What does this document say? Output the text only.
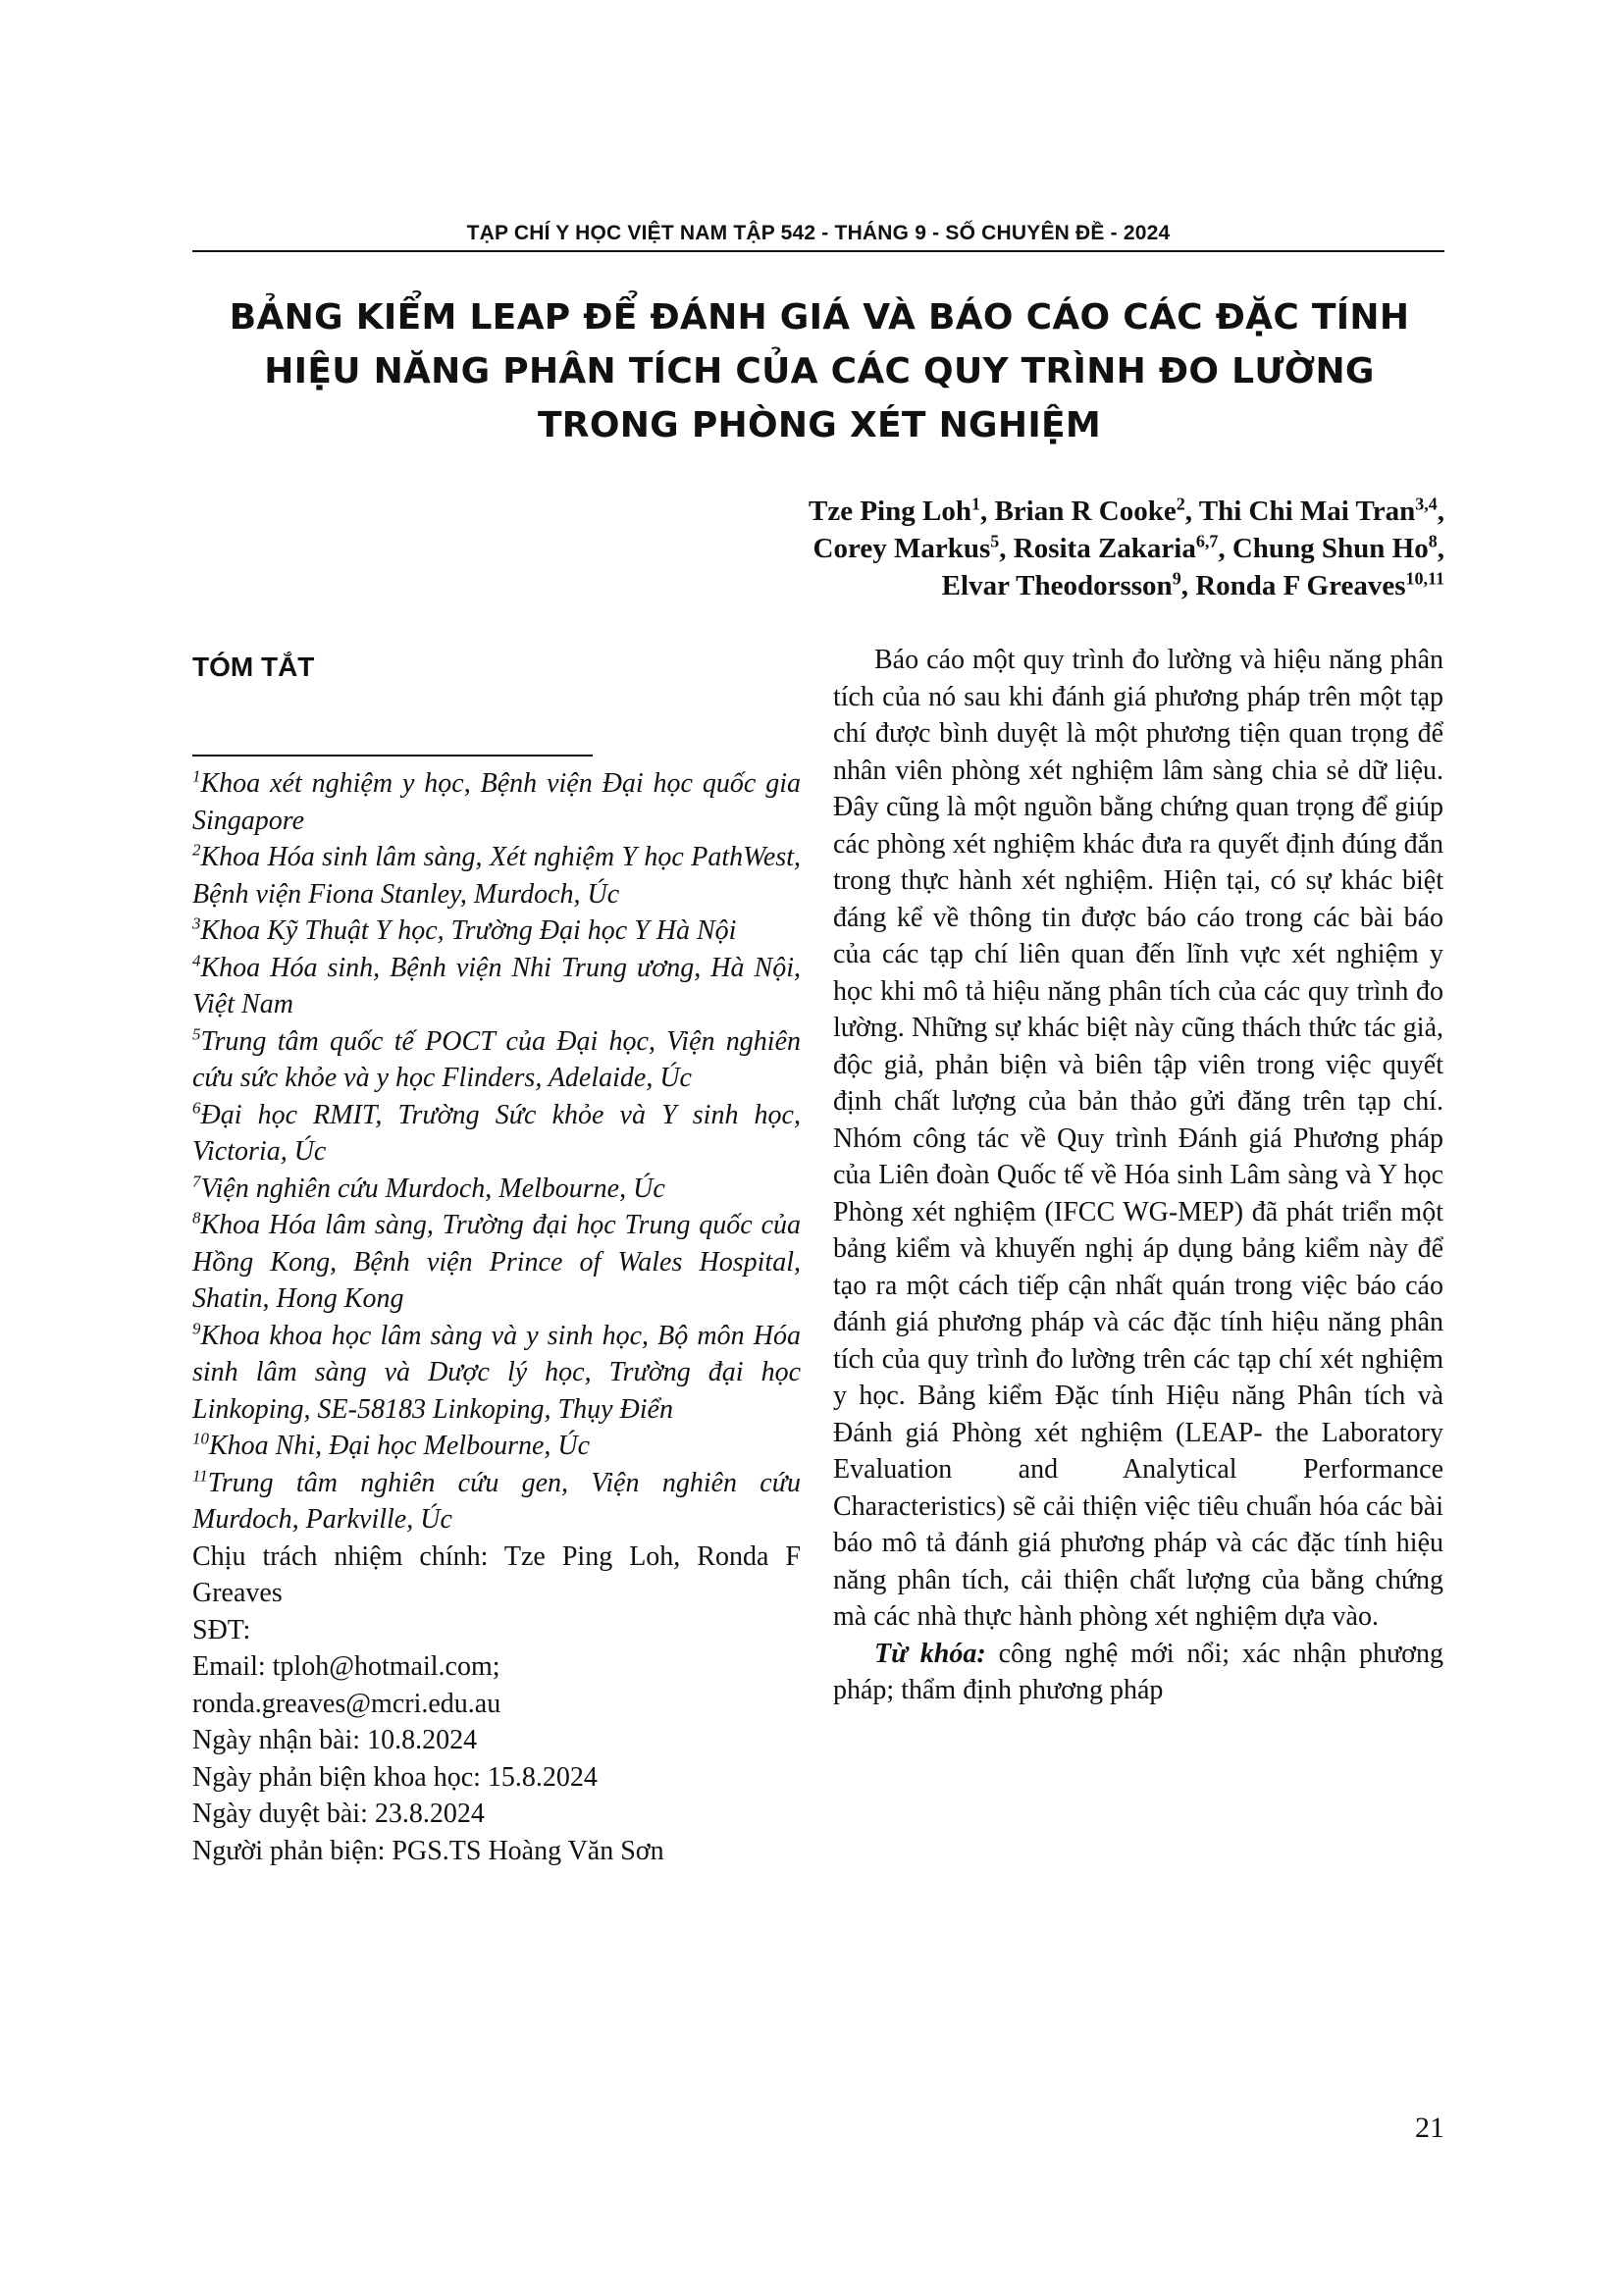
TẠP CHÍ Y HỌC VIỆT NAM TẬP 542 - THÁNG 9 - SỐ CHUYÊN ĐỀ - 2024
BẢNG KIỂM LEAP ĐỂ ĐÁNH GIÁ VÀ BÁO CÁO CÁC ĐẶC TÍNH
HIỆU NĂNG PHÂN TÍCH CỦA CÁC QUY TRÌNH ĐO LƯỜNG
TRONG PHÒNG XÉT NGHIỆM
Tze Ping Loh$^1$, Brian R Cooke$^2$, Thi Chi Mai Tran$^{3,4}$,
Corey Markus$^5$, Rosita Zakaria$^{6,7}$, Chung Shun Ho$^8$,
Elvar Theodorsson$^9$, Ronda F Greaves$^{10,11}$
TÓM TẮT
$^1$Khoa xét nghiệm y học, Bệnh viện Đại học quốc gia Singapore
$^2$Khoa Hóa sinh lâm sàng, Xét nghiệm Y học PathWest, Bệnh viện Fiona Stanley, Murdoch, Úc
$^3$Khoa Kỹ Thuật Y học, Trường Đại học Y Hà Nội
$^4$Khoa Hóa sinh, Bệnh viện Nhi Trung ương, Hà Nội, Việt Nam
$^5$Trung tâm quốc tế POCT của Đại học, Viện nghiên cứu sức khỏe và y học Flinders, Adelaide, Úc
$^6$Đại học RMIT, Trường Sức khỏe và Y sinh học, Victoria, Úc
$^7$Viện nghiên cứu Murdoch, Melbourne, Úc
$^8$Khoa Hóa lâm sàng, Trường đại học Trung quốc của Hồng Kong, Bệnh viện Prince of Wales Hospital, Shatin, Hong Kong
$^9$Khoa khoa học lâm sàng và y sinh học, Bộ môn Hóa sinh lâm sàng và Dược lý học, Trường đại học Linkoping, SE-58183 Linkoping, Thụy Điển
$^{10}$Khoa Nhi, Đại học Melbourne, Úc
$^{11}$Trung tâm nghiên cứu gen, Viện nghiên cứu Murdoch, Parkville, Úc
Chịu trách nhiệm chính: Tze Ping Loh, Ronda F Greaves
SĐT:
Email: tploh@hotmail.com;
ronda.greaves@mcri.edu.au
Ngày nhận bài: 10.8.2024
Ngày phản biện khoa học: 15.8.2024
Ngày duyệt bài: 23.8.2024
Người phản biện: PGS.TS Hoàng Văn Sơn

Báo cáo một quy trình đo lường và hiệu năng phân tích của nó sau khi đánh giá phương pháp trên một tạp chí được bình duyệt là một phương tiện quan trọng để nhân viên phòng xét nghiệm lâm sàng chia sẻ dữ liệu. Đây cũng là một nguồn bằng chứng quan trọng để giúp các phòng xét nghiệm khác đưa ra quyết định đúng đắn trong thực hành xét nghiệm. Hiện tại, có sự khác biệt đáng kể về thông tin được báo cáo trong các bài báo của các tạp chí liên quan đến lĩnh vực xét nghiệm y học khi mô tả hiệu năng phân tích của các quy trình đo lường. Những sự khác biệt này cũng thách thức tác giả, độc giả, phản biện và biên tập viên trong việc quyết định chất lượng của bản thảo gửi đăng trên tạp chí. Nhóm công tác về Quy trình Đánh giá Phương pháp của Liên đoàn Quốc tế về Hóa sinh Lâm sàng và Y học Phòng xét nghiệm (IFCC WG-MEP) đã phát triển một bảng kiểm và khuyến nghị áp dụng bảng kiểm này để tạo ra một cách tiếp cận nhất quán trong việc báo cáo đánh giá phương pháp và các đặc tính hiệu năng phân tích của quy trình đo lường trên các tạp chí xét nghiệm y học. Bảng kiểm Đặc tính Hiệu năng Phân tích và Đánh giá Phòng xét nghiệm (LEAP- the Laboratory Evaluation and Analytical Performance Characteristics) sẽ cải thiện việc tiêu chuẩn hóa các bài báo mô tả đánh giá phương pháp và các đặc tính hiệu năng phân tích, cải thiện chất lượng của bằng chứng mà các nhà thực hành phòng xét nghiệm dựa vào.

Từ khóa: công nghệ mới nổi; xác nhận phương pháp; thẩm định phương pháp

21
